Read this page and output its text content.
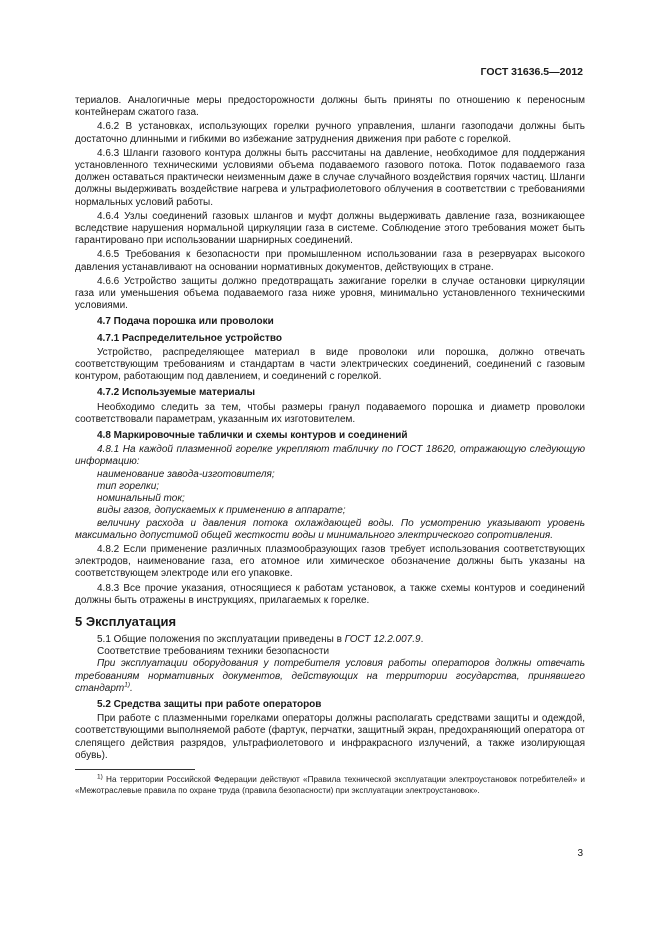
ГОСТ 31636.5—2012

териалов. Аналогичные меры предосторожности должны быть приняты по отношению к переносным контейнерам сжатого газа.

4.6.2 В установках, использующих горелки ручного управления, шланги газоподачи должны быть достаточно длинными и гибкими во избежание затруднения движения при работе с горелкой.

4.6.3 Шланги газового контура должны быть рассчитаны на давление, необходимое для поддержания установленного техническими условиями объема подаваемого газового потока. Поток подаваемого газа должен оставаться практически неизменным даже в случае случайного воздействия горячих частиц. Шланги должны выдерживать воздействие нагрева и ультрафиолетового облучения в соответствии с требованиями нормальных условий работы.

4.6.4 Узлы соединений газовых шлангов и муфт должны выдерживать давление газа, возникающее вследствие нарушения нормальной циркуляции газа в системе. Соблюдение этого требования может быть гарантировано при использовании шарнирных соединений.

4.6.5 Требования к безопасности при промышленном использовании газа в резервуарах высокого давления устанавливают на основании нормативных документов, действующих в стране.

4.6.6 Устройство защиты должно предотвращать зажигание горелки в случае остановки циркуляции газа или уменьшения объема подаваемого газа ниже уровня, минимально установленного техническими условиями.

4.7 Подача порошка или проволоки

4.7.1 Распределительное устройство

Устройство, распределяющее материал в виде проволоки или порошка, должно отвечать соответствующим требованиям и стандартам в части электрических соединений, соединений с газовым контуром, работающим под давлением, и соединений с горелкой.

4.7.2 Используемые материалы

Необходимо следить за тем, чтобы размеры гранул подаваемого порошка и диаметр проволоки соответствовали параметрам, указанным их изготовителем.

4.8 Маркировочные таблички и схемы контуров и соединений

4.8.1 На каждой плазменной горелке укрепляют табличку по ГОСТ 18620, отражающую следующую информацию:

наименование завода-изготовителя;

тип горелки;

номинальный ток;

виды газов, допускаемых к применению в аппарате;

величину расхода и давления потока охлаждающей воды. По усмотрению указывают уровень максимально допустимой общей жесткости воды и минимального электрического сопротивления.

4.8.2 Если применение различных плазмообразующих газов требует использования соответствующих электродов, наименование газа, его атомное или химическое обозначение должны быть указаны на соответствующем электроде или его упаковке.

4.8.3 Все прочие указания, относящиеся к работам установок, а также схемы контуров и соединений должны быть отражены в инструкциях, прилагаемых к горелке.

5 Эксплуатация

5.1 Общие положения по эксплуатации приведены в ГОСТ 12.2.007.9.

Соответствие требованиям техники безопасности

При эксплуатации оборудования у потребителя условия работы операторов должны отвечать требованиям нормативных документов, действующих на территории государства, принявшего стандарт$^{1)}$.

5.2 Средства защиты при работе операторов

При работе с плазменными горелками операторы должны располагать средствами защиты и одеждой, соответствующими выполняемой работе (фартук, перчатки, защитный экран, предохраняющий оператора от слепящего действия разрядов, ультрафиолетового и инфракрасного излучений, а также изолирующая обувь).

$^{1)}$ На территории Российской Федерации действуют «Правила технической эксплуатации электроустановок потребителей» и «Межотраслевые правила по охране труда (правила безопасности) при эксплуатации электроустановок».

3
